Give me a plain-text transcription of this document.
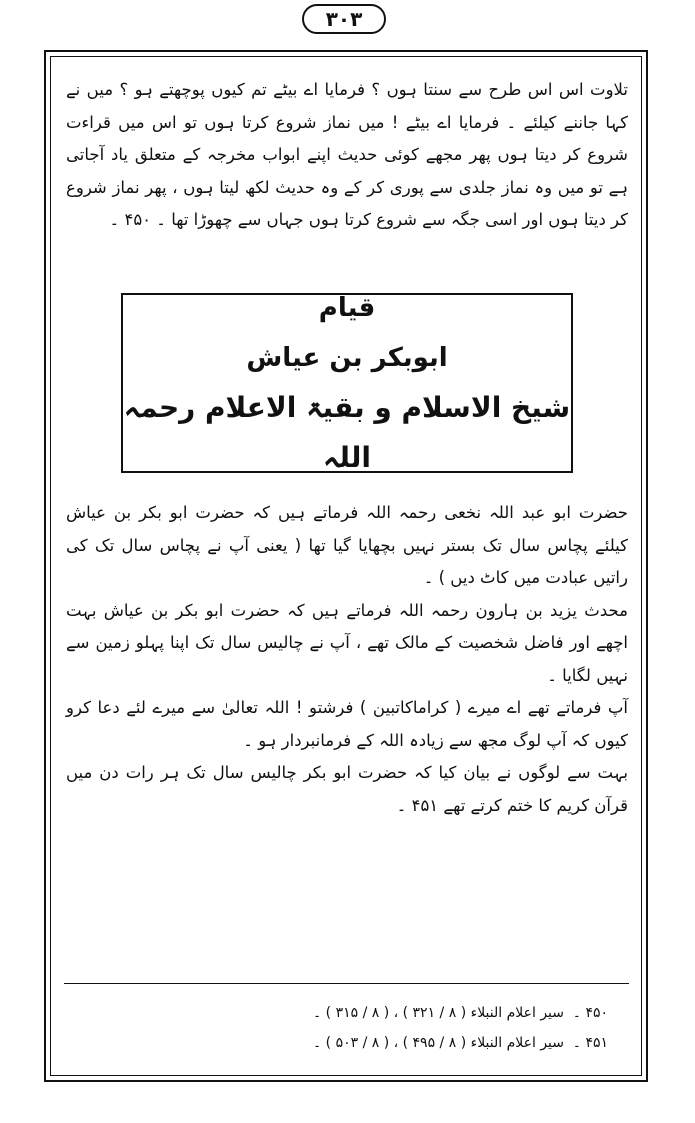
۳۰۳

تلاوت اس اس طرح سے سنتا ہوں ؟ فرمایا اے بیٹے تم کیوں پوچھتے ہو ؟ میں نے کہا جاننے کیلئے ۔ فرمایا اے بیٹے ! میں نماز شروع کرتا ہوں تو اس میں قراءت شروع کر دیتا ہوں پھر مجھے کوئی حدیث اپنے ابواب مخرجہ کے متعلق یاد آجاتی ہے تو میں وہ نماز جلدی سے پوری کر کے وہ حدیث لکھ لیتا ہوں ، پھر نماز شروع کر دیتا ہوں اور اسی جگہ سے شروع کرتا ہوں جہاں سے چھوڑا تھا ۔ ۴۵۰ ۔

قیام
ابوبکر بن عیاش
شیخ الاسلام و بقیۃ الاعلام رحمہ اللہ

حضرت ابو عبد اللہ نخعی رحمہ اللہ فرماتے ہیں کہ حضرت ابو بکر بن عیاش کیلئے پچاس سال تک بستر نہیں بچھایا گیا تھا ( یعنی آپ نے پچاس سال تک کی راتیں عبادت میں کاٹ دیں ) ۔

محدث یزید بن ہارون رحمہ اللہ فرماتے ہیں کہ حضرت ابو بکر بن عیاش بہت اچھے اور فاضل شخصیت کے مالک تھے ، آپ نے چالیس سال تک اپنا پہلو زمین سے نہیں لگایا ۔

آپ فرماتے تھے اے میرے ( کراماکاتبین ) فرشتو ! اللہ تعالیٰ سے میرے لئے دعا کرو کیوں کہ آپ لوگ مجھ سے زیادہ اللہ کے فرمانبردار ہو ۔

بہت سے لوگوں نے بیان کیا کہ حضرت ابو بکر چالیس سال تک ہر رات دن میں قرآن کریم کا ختم کرتے تھے ۴۵۱ ۔

۴۵۰ ۔
سیر اعلام النبلاء ( ۸ / ۳۲۱ ) ، ( ۸ / ۳۱۵ ) ۔
۴۵۱ ۔
سیر اعلام النبلاء ( ۸ / ۴۹۵ ) ، ( ۸ / ۵۰۳ ) ۔
